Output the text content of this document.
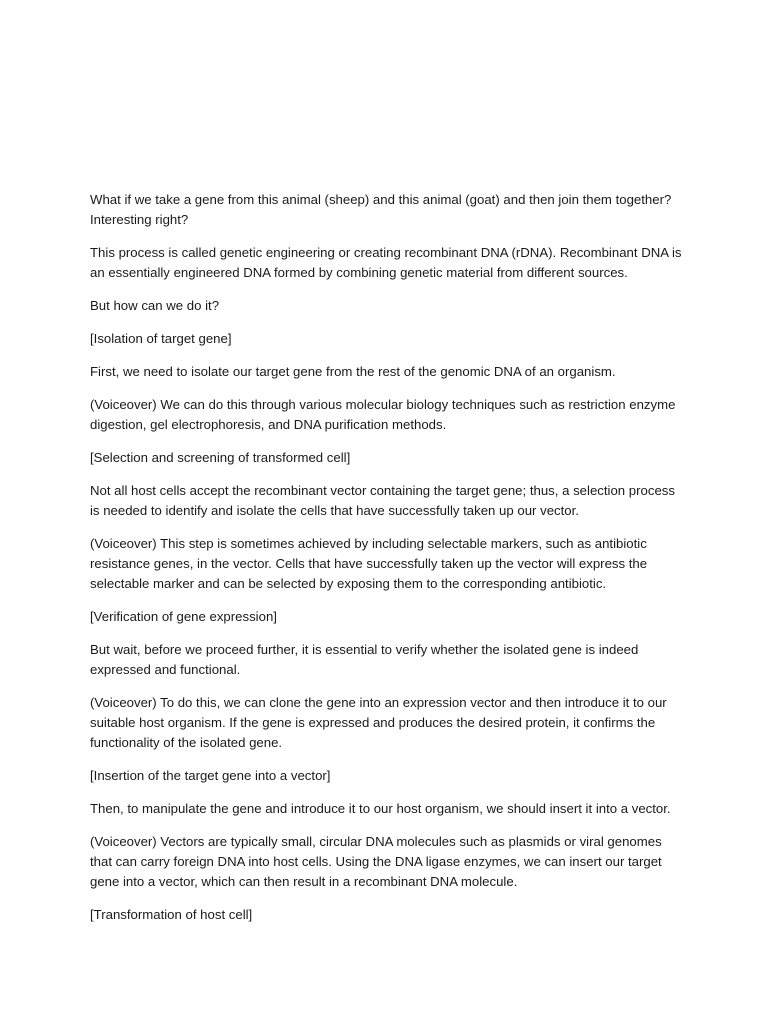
What if we take a gene from this animal (sheep) and this animal (goat) and then join them together? Interesting right?

This process is called genetic engineering or creating recombinant DNA (rDNA). Recombinant DNA is an essentially engineered DNA formed by combining genetic material from different sources.

But how can we do it?

[Isolation of target gene]

First, we need to isolate our target gene from the rest of the genomic DNA of an organism.

(Voiceover) We can do this through various molecular biology techniques such as restriction enzyme digestion, gel electrophoresis, and DNA purification methods.

[Selection and screening of transformed cell]

Not all host cells accept the recombinant vector containing the target gene; thus, a selection process is needed to identify and isolate the cells that have successfully taken up our vector.

(Voiceover) This step is sometimes achieved by including selectable markers, such as antibiotic resistance genes, in the vector. Cells that have successfully taken up the vector will express the selectable marker and can be selected by exposing them to the corresponding antibiotic.

[Verification of gene expression]

But wait, before we proceed further, it is essential to verify whether the isolated gene is indeed expressed and functional.

(Voiceover) To do this, we can clone the gene into an expression vector and then introduce it to our suitable host organism. If the gene is expressed and produces the desired protein, it confirms the functionality of the isolated gene.

[Insertion of the target gene into a vector]

Then, to manipulate the gene and introduce it to our host organism, we should insert it into a vector.

(Voiceover) Vectors are typically small, circular DNA molecules such as plasmids or viral genomes that can carry foreign DNA into host cells. Using the DNA ligase enzymes, we can insert our target gene into a vector, which can then result in a recombinant DNA molecule.

[Transformation of host cell]
